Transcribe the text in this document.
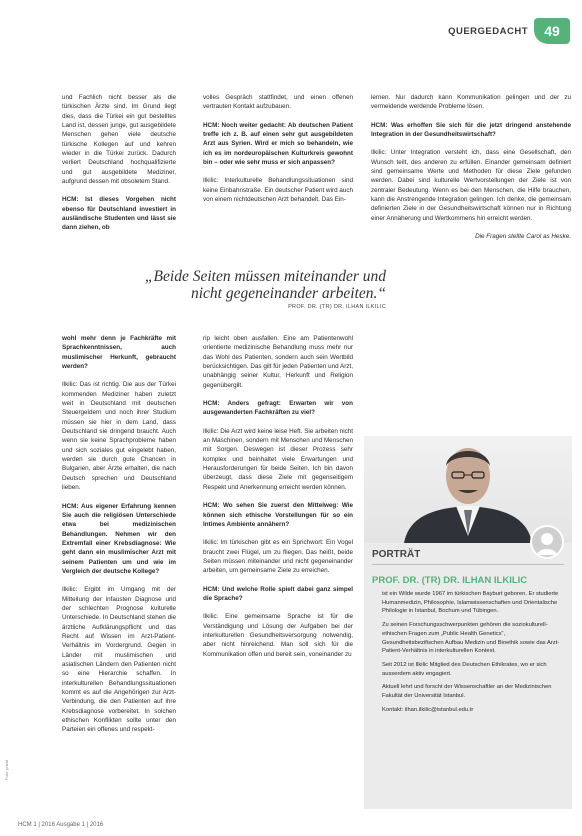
QUERGEDACHT	49

und Fachlich nicht besser als die türkischen Ärzte sind. Im Grund liegt dies, dass die Türkei ein gut bestelltes Land ist, dessen junge, gut ausgebildete Menschen gehen viele deutsche türkische Kollegen auf und kehren wieder in die Türkei zurück. Dadurch verliert Deutschland hochqualifizierte und gut ausgebildete Mediziner, aufgrund dessen mit obsoletem Stand.

HCM: Ist dieses Vorgehen nicht ebenso für Deutschland investiert in ausländische Studenten und lässt sie dann ziehen, ob

volles Gespräch stattfindet, und einen offenen vertrauten Kontakt aufzubauen.

HCM: Noch weiter gedacht: Ab deutschen Patient treffe ich z. B. auf einen sehr gut ausgebildeten Arzt aus Syrien. Wird er mich so behandeln, wie ich es im nordeuropäischen Kulturkreis gewohnt bin – oder wie sehr muss er sich anpassen?

Ilkilic: Interkulturelle Behandlungssituationen sind keine Einbahnstraße. Ein deutscher Patient wird auch von einem nichtdeutschen Arzt behandelt. Das Ein-

lernen. Nur dadurch kann Kommunikation gelingen und der zu vermeidende werdende Probleme lösen.

HCM: Was erhoffen Sie sich für die jetzt dringend anstehende Integration in der Gesundheitswirtschaft?

Ilkilic: Unter Integration versteht ich, dass eine Gesellschaft, den Wunsch teilt, des anderen zu erfüllen. Einander gemeinsam definiert sind gemeinsame Werte und Methoden für diese Ziele gefunden werden. Dabei sind kulturelle Wertvorstellungen der Ziele ist von zentraler Bedeutung. Wenn es bei den Menschen, die Hilfe brauchen, kann die Anstrengende Integration gelingen. Ich denke, die gemeinsam definierten Ziele in der Gesundheitswirtschaft können nur in Richtung einer Annäherung und Wertkommens hin erreicht werden.

Die Fragen stellte Carol as Heske.

„Beide Seiten müssen miteinander und nicht gegeneinander arbeiten.“
PROF. DR. (TR) DR. ILHAN ILKILIC

wohl mehr denn je Fachkräfte mit Sprachkenntnissen, auch muslimischer Herkunft, gebraucht werden?

Ilkilic: Das ist richtig. Die aus der Türkei kommenden Mediziner haben zuletzt weit in Deutschland mit deutschen Steuergeldern und noch ihrer Studium müssen sie hier in dem Land, dass Deutschland sie dringend braucht. Auch wenn sie keine Sprachprobleme haben und sich soziales gut eingelebt haben, werden sie durch gute Chancen in Bulgarien, aber Ärzte erhalten, die nach Deutsch sprechen und Deutschland lieben.

HCM: Aus eigener Erfahrung kennen Sie auch die religiösen Unterschiede etwa bei medizinischen Behandlungen. Nehmen wir den Extremfall einer Krebsdiagnose: Wie geht dann ein muslimischer Arzt mit seinem Patienten um und wie im Vergleich der deutsche Kollege?

Ilkilic: Ergibt im Umgang mit der Mitteilung der infausten Diagnose und der schlechten Prognose kulturelle Unterschiede. In Deutschland stehen die ärztliche Aufklärungspflicht und das Recht auf Wissen im Arzt-Patient-Verhältnis im Vordergrund. Gegen in Länder mit muslimischen und asiatischen Ländern den Patienten nicht so eine Hierarchie schaffen. In interkulturellen Behandlungssituationen kommt es auf die Angehörigen zur Arzt-Verbindung, die den Patienten auf ihre Krebsdiagnose vorbereitet. In solchen ethischen Konflikten sollte unter den Parteien ein offenes und respekt-

rip leicht oben ausfallen. Eine am Patientenwohl orientierte medizinische Behandlung muss mehr nur das Wohl des Patienten, sondern auch sein Wertbild berücksichtigen. Das gilt für jeden Patienten und Arzt, unabhängig seiner Kultur, Herkunft und Religion gegenübergilt.

HCM: Anders gefragt: Erwarten wir von ausgewanderten Fachkräften zu viel?

Ilkilic: Die Arzt wird keine leise Heft. Sie arbeiten nicht an Maschinen, sondern mit Menschen und Menschen mit Sorgen. Deswegen ist dieser Prozess sehr komplex und beinhaltet viele Erwartungen und Herausforderungen für beide Seiten. Ich bin davon überzeugt, dass diese Ziele mit gegenseitigem Respekt und Anerkennung erreicht werden können.

HCM: Wo sehen Sie zuerst den Mittelweg: Wie können sich ethische Vorstellungen für so ein Intimes Ambiente annähern?

Ilkilic: Im türkischen gibt es ein Sprichwort: Ein Vogel braucht zwei Flügel, um zu fliegen. Das heißt, beide Seiten müssen miteinander und nicht gegeneinander arbeiten, um gemeinsame Ziele zu erreichen.

HCM: Und welche Rolle spielt dabei ganz simpel die Sprache?

Ilkilic: Eine gemeinsame Sprache ist für die Verständigung und Lösung der Aufgaben bei der interkulturellen Gesundheitsversorgung notwendig, aber nicht hinreichend. Man soll sich für die Kommunikation offen und bereit sein, voneinander zu

PORTRÄT
PROF. DR. (TR) DR. ILHAN ILKILIC

ist ein Wilde wurde 1967 im türkischen Bayburt geboren. Er studierte Humanmedizin, Philosophie, Islamwissenschaften und Orientalische Philologie in Istanbul, Bochum und Tübingen.

Zu seinen Forschungsschwerpunkten gehören die soziokulturell-ethischen Fragen zum „Public Health Genetics“, Gesundheitsbezifischen Aufbau Medizin und Bioethik sowie das Arzt-Patient-Verhältnis in interkulturellen Kontext.

Seit 2012 ist Ilkilic Mitglied des Deutschen Ethikrates, wo er sich ausserdem aktiv engagiert.

Aktuell lehrt und forscht der Wissenschaftler an der Medizinischen Fakultät der Universität Istanbul.

Kontakt: ilhan.ilkilic@istanbul.edu.tr

HCM 1 | 2016 Ausgabe 1 | 2016
Foto: privat
